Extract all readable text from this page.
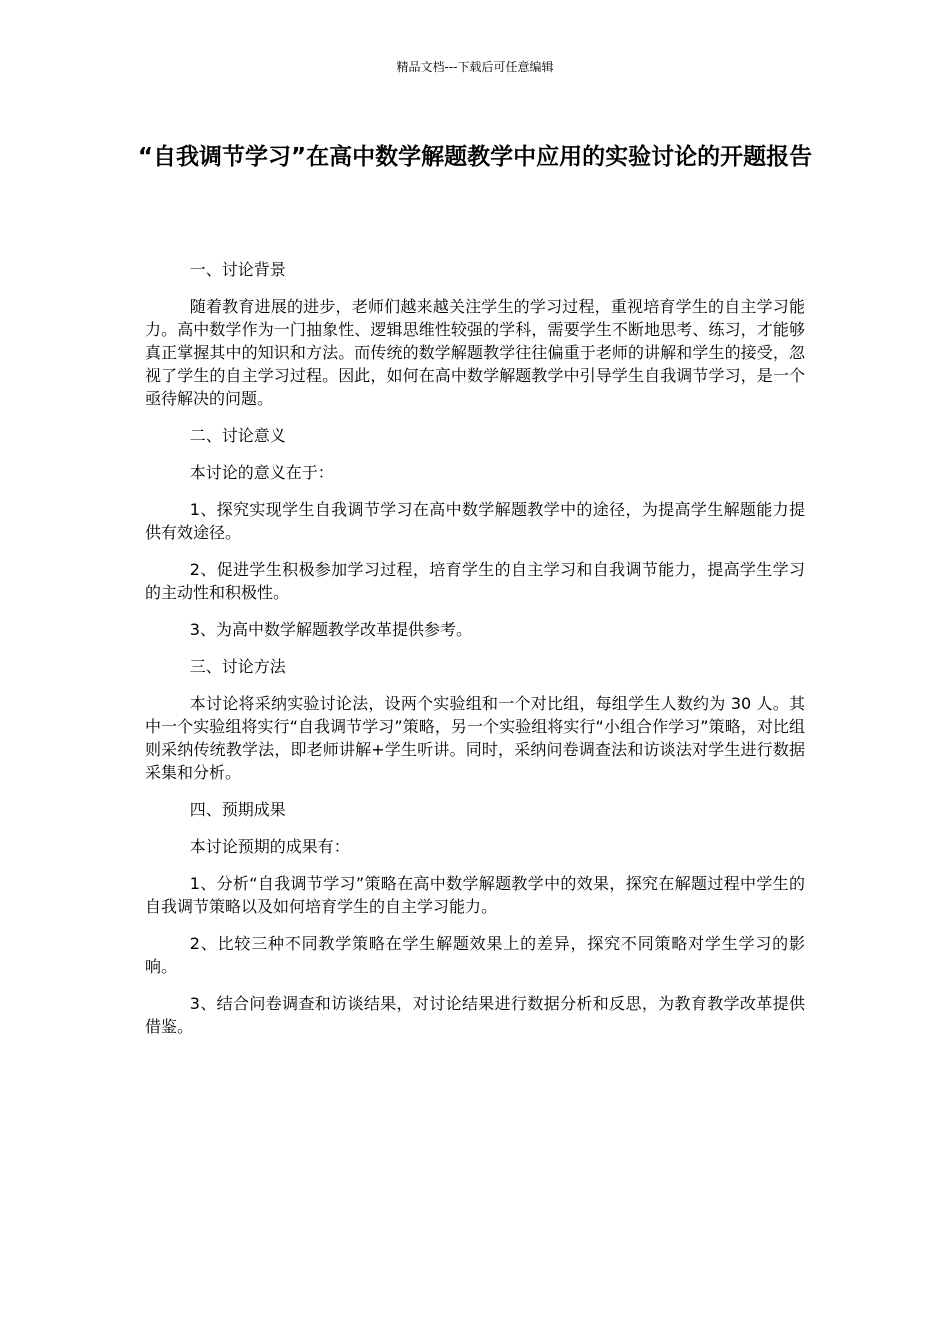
精品文档---下载后可任意编辑
“自我调节学习”在高中数学解题教学中应用的实验讨论的开题报告
一、讨论背景
随着教育进展的进步，老师们越来越关注学生的学习过程，重视培育学生的自主学习能力。高中数学作为一门抽象性、逻辑思维性较强的学科，需要学生不断地思考、练习，才能够真正掌握其中的知识和方法。而传统的数学解题教学往往偏重于老师的讲解和学生的接受，忽视了学生的自主学习过程。因此，如何在高中数学解题教学中引导学生自我调节学习，是一个亟待解决的问题。
二、讨论意义
本讨论的意义在于：
1、探究实现学生自我调节学习在高中数学解题教学中的途径，为提高学生解题能力提供有效途径。
2、促进学生积极参加学习过程，培育学生的自主学习和自我调节能力，提高学生学习的主动性和积极性。
3、为高中数学解题教学改革提供参考。
三、讨论方法
本讨论将采纳实验讨论法，设两个实验组和一个对比组，每组学生人数约为 30 人。其中一个实验组将实行“自我调节学习”策略，另一个实验组将实行“小组合作学习”策略，对比组则采纳传统教学法，即老师讲解+学生听讲。同时，采纳问卷调查法和访谈法对学生进行数据采集和分析。
四、预期成果
本讨论预期的成果有：
1、分析“自我调节学习”策略在高中数学解题教学中的效果，探究在解题过程中学生的自我调节策略以及如何培育学生的自主学习能力。
2、比较三种不同教学策略在学生解题效果上的差异，探究不同策略对学生学习的影响。
3、结合问卷调查和访谈结果，对讨论结果进行数据分析和反思，为教育教学改革提供借鉴。
